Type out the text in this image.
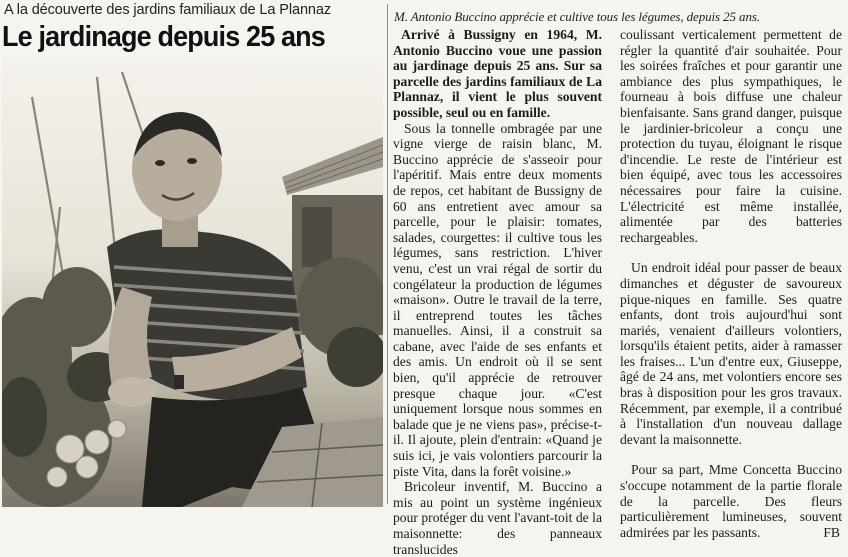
A la découverte des jardins familiaux de La Plannaz
Le jardinage depuis 25 ans
M. Antonio Buccino apprécie et cultive tous les légumes, depuis 25 ans.

Arrivé à Bussigny en 1964, M. Antonio Buccino voue une passion au jardinage depuis 25 ans. Sur sa parcelle des jardins familiaux de La Plannaz, il vient le plus souvent possible, seul ou en famille.

Sous la tonnelle ombragée par une vigne vierge de raisin blanc, M. Buccino apprécie de s'asseoir pour l'apéritif. Mais entre deux moments de repos, cet habitant de Bussigny de 60 ans entretient avec amour sa parcelle, pour le plaisir: tomates, salades, courgettes: il cultive tous les légumes, sans restriction. L'hiver venu, c'est un vrai régal de sortir du congélateur la production de légumes «maison». Outre le travail de la terre, il entreprend toutes les tâches manuelles. Ainsi, il a construit sa cabane, avec l'aide de ses enfants et des amis. Un endroit où il se sent bien, qu'il apprécie de retrouver presque chaque jour. «C'est uniquement lorsque nous sommes en balade que je ne viens pas», précise-t-il. Il ajoute, plein d'entrain: «Quand je suis ici, je vais volontiers parcourir la piste Vita, dans la forêt voisine.»

Bricoleur inventif, M. Buccino a mis au point un système ingénieux pour protéger du vent l'avant-toit de la maisonnette: des panneaux translucides

coulissant verticalement permettent de régler la quantité d'air souhaitée. Pour les soirées fraîches et pour garantir une ambiance des plus sympathiques, le fourneau à bois diffuse une chaleur bienfaisante. Sans grand danger, puisque le jardinier-bricoleur a conçu une protection du tuyau, éloignant le risque d'incendie. Le reste de l'intérieur est bien équipé, avec tous les accessoires nécessaires pour faire la cuisine. L'électricité est même installée, alimentée par des batteries rechargeables.

Un endroit idéal pour passer de beaux dimanches et déguster de savoureux pique-niques en famille. Ses quatre enfants, dont trois aujourd'hui sont mariés, venaient d'ailleurs volontiers, lorsqu'ils étaient petits, aider à ramasser les fraises... L'un d'entre eux, Giuseppe, âgé de 24 ans, met volontiers encore ses bras à disposition pour les gros travaux. Récemment, par exemple, il a contribué à l'installation d'un nouveau dallage devant la maisonnette.

Pour sa part, Mme Concetta Buccino s'occupe notamment de la partie florale de la parcelle. Des fleurs particulièrement lumineuses, souvent admirées par les passants.	FB
